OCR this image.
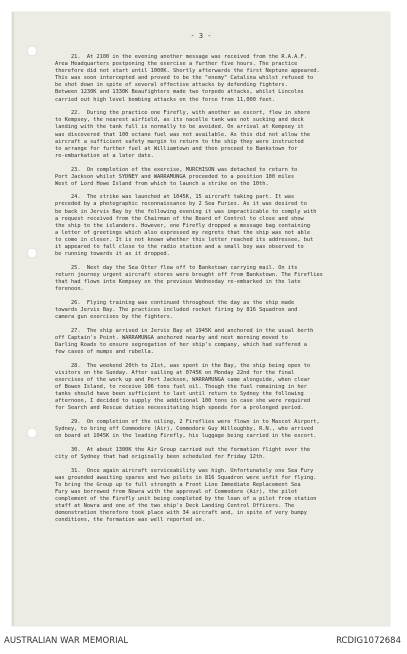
- 3 -
21.  At 2100 in the evening another message was received from the R.A.A.F.
Area Headquarters postponing the exercise a further five hours. The practice
therefore did not start until 1000K. Shortly afterwards the first Neptune appeared.
This was soon intercepted and proved to be the "enemy" Catalina whilst refused to
be shot down in spite of several effective attacks by defending fighters.
Between 1230K and 1330K Beaufighters made two torpedo attacks, whilst Lincolns
carried out high level bombing attacks on the force from 11,000 feet.
22.  During the practice one Firefly, with another as escort, flew in shore
to Kempsey, the nearest airfield, as its nacelle tank was not sucking and deck
landing with the tank full is normally to be avoided. On arrival at Kempsey it
was discovered that 100 octane fuel was not available. As this did not allow the
aircraft a sufficient safety margin to return to the ship they were instructed
to arrange for further fuel at Williamtown and then proceed to Bankstown for
re-embarkation at a later date.
23.  On completion of the exercise, MURCHISON was detached to return to
Port Jackson whilst SYDNEY and WARRAMUNGA proceeded to a position 100 miles
West of Lord Howe Island from which to launch a strike on the 10th.
24.  The strike was launched at 1045K, 15 aircraft taking part. It was
preceded by a photographic reconnaissance by 2 Sea Furies. As it was desired to
be back in Jervis Bay by the following evening it was impracticable to comply with
a request received from the Chairman of the Board of Control to close and show
the ship to the islanders. However, one Firefly dropped a message bag containing
a letter of greetings which also expressed my regrets that the ship was not able
to come in closer. It is not known whether this letter reached its addressee, but
it appeared to fall close to the radio station and a small boy was observed to
be running towards it as it dropped.
25.  Next day the Sea Otter flew off to Bankstown carrying mail. On its
return journey urgent aircraft stores were brought off from Bankstown. The Fireflies
that had flown into Kempsey on the previous Wednesday re-embarked in the late
forenoon.
26.  Flying training was continued throughout the day as the ship made
towards Jervis Bay. The practices included rocket firing by 816 Squadron and
camera gun exercises by the fighters.
27.  The ship arrived in Jervis Bay at 1945K and anchored in the usual berth
off Captain's Point. WARRAMUNGA anchored nearby and next morning moved to
Darling Roads to ensure segregation of her ship's company, which had suffered a
few cases of mumps and rubella.
28.  The weekend 20th to 21st, was spent in the Bay, the ship being open to
visitors on the Sunday. After sailing at 0745K on Monday 22nd for the final
exercises of the work up and Port Jackson, WARRAMUNGA came alongside, when clear
of Bowen Island, to receive 106 tons fuel oil. Though the fuel remaining in her
tanks should have been sufficient to last until return to Sydney the following
afternoon, I decided to supply the additional 100 tons in case she were required
for Search and Rescue duties necessitating high speeds for a prolonged period.
29.  On completion of the oiling, 2 Fireflies were flown in to Mascot Airport,
Sydney, to bring off Commodore (Air), Commodore Guy Willoughby, R.N., who arrived
on board at 1045K in the leading Firefly, his luggage being carried in the escort.
30.  At about 1300K the Air Group carried out the formation flight over the
city of Sydney that had originally been scheduled for Friday 12th.
31.  Once again aircraft serviceability was high. Unfortunately one Sea Fury
was grounded awaiting spares and two pilots in 816 Squadron were unfit for flying.
To bring the Group up to full strength a Front Line Immediate Replacement Sea
Fury was borrowed from Nowra with the approval of Commodore (Air), the pilot
complement of the Firefly unit being completed by the loan of a pilot from station
staff at Nowra and one of the two ship's Deck Landing Control Officers. The
demonstration therefore took place with 34 aircraft and, in spite of very bumpy
conditions, the formation was well reported on.
AUSTRALIAN WAR MEMORIAL	RCDIG1072684
